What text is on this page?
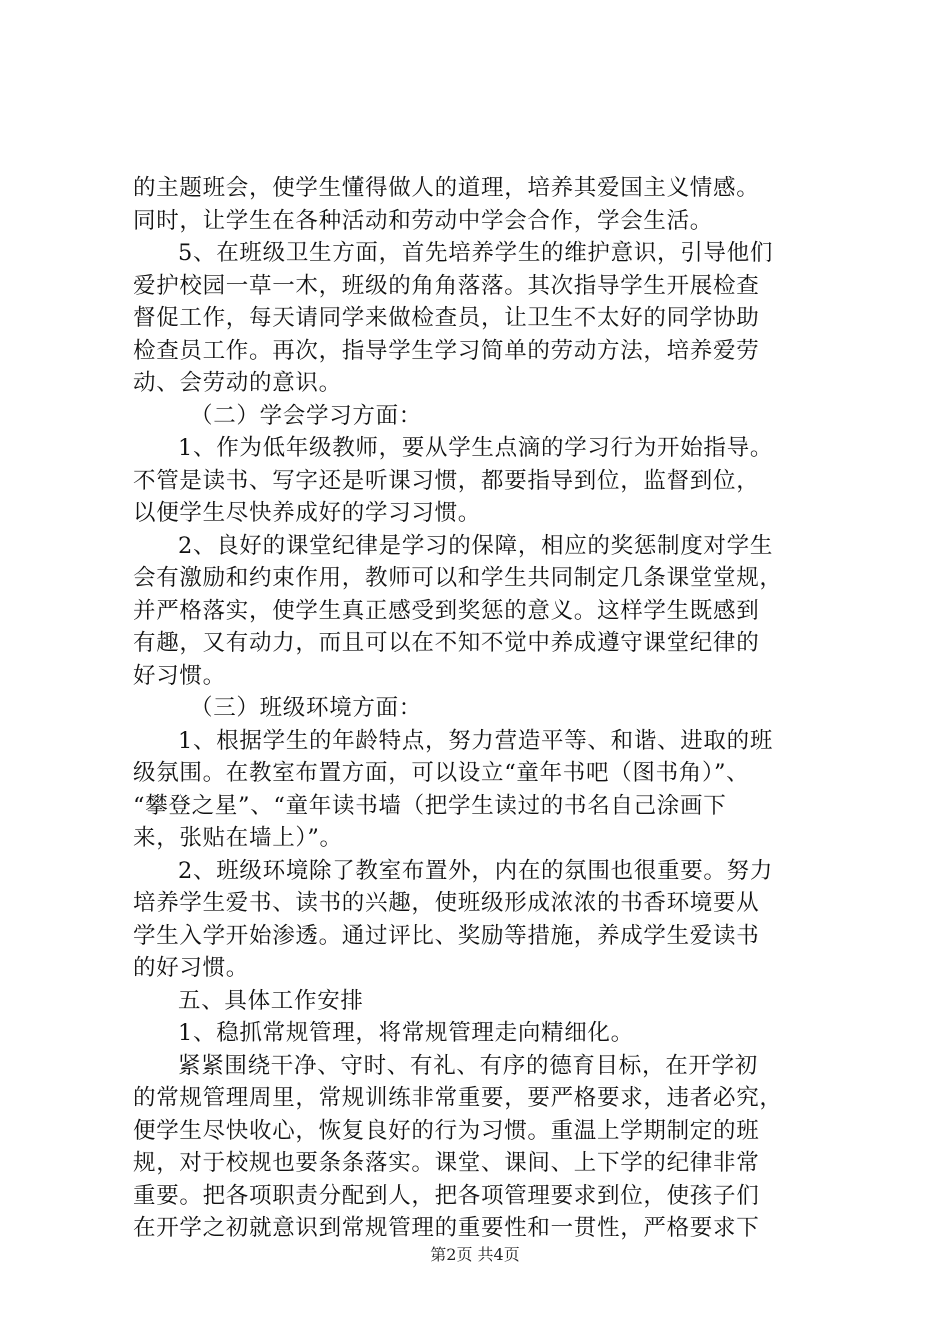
的主题班会，使学生懂得做人的道理，培养其爱国主义情感。
同时，让学生在各种活动和劳动中学会合作，学会生活。
5、在班级卫生方面，首先培养学生的维护意识，引导他们
爱护校园一草一木，班级的角角落落。其次指导学生开展检查
督促工作，每天请同学来做检查员，让卫生不太好的同学协助
检查员工作。再次，指导学生学习简单的劳动方法，培养爱劳
动、会劳动的意识。
（二）学会学习方面：
1、作为低年级教师，要从学生点滴的学习行为开始指导。
不管是读书、写字还是听课习惯，都要指导到位，监督到位，
以便学生尽快养成好的学习习惯。
2、良好的课堂纪律是学习的保障，相应的奖惩制度对学生
会有激励和约束作用，教师可以和学生共同制定几条课堂堂规，
并严格落实，使学生真正感受到奖惩的意义。这样学生既感到
有趣，又有动力，而且可以在不知不觉中养成遵守课堂纪律的
好习惯。
（三）班级环境方面：
1、根据学生的年龄特点，努力营造平等、和谐、进取的班
级氛围。在教室布置方面，可以设立“童年书吧（图书角）”、
“攀登之星”、“童年读书墙（把学生读过的书名自己涂画下
来，张贴在墙上）”。
2、班级环境除了教室布置外，内在的氛围也很重要。努力
培养学生爱书、读书的兴趣，使班级形成浓浓的书香环境要从
学生入学开始渗透。通过评比、奖励等措施，养成学生爱读书
的好习惯。
五、具体工作安排
1、稳抓常规管理，将常规管理走向精细化。
紧紧围绕干净、守时、有礼、有序的德育目标，在开学初
的常规管理周里，常规训练非常重要，要严格要求，违者必究，
便学生尽快收心，恢复良好的行为习惯。重温上学期制定的班
规，对于校规也要条条落实。课堂、课间、上下学的纪律非常
重要。把各项职责分配到人，把各项管理要求到位，使孩子们
在开学之初就意识到常规管理的重要性和一贯性，严格要求下
第2页 共4页
